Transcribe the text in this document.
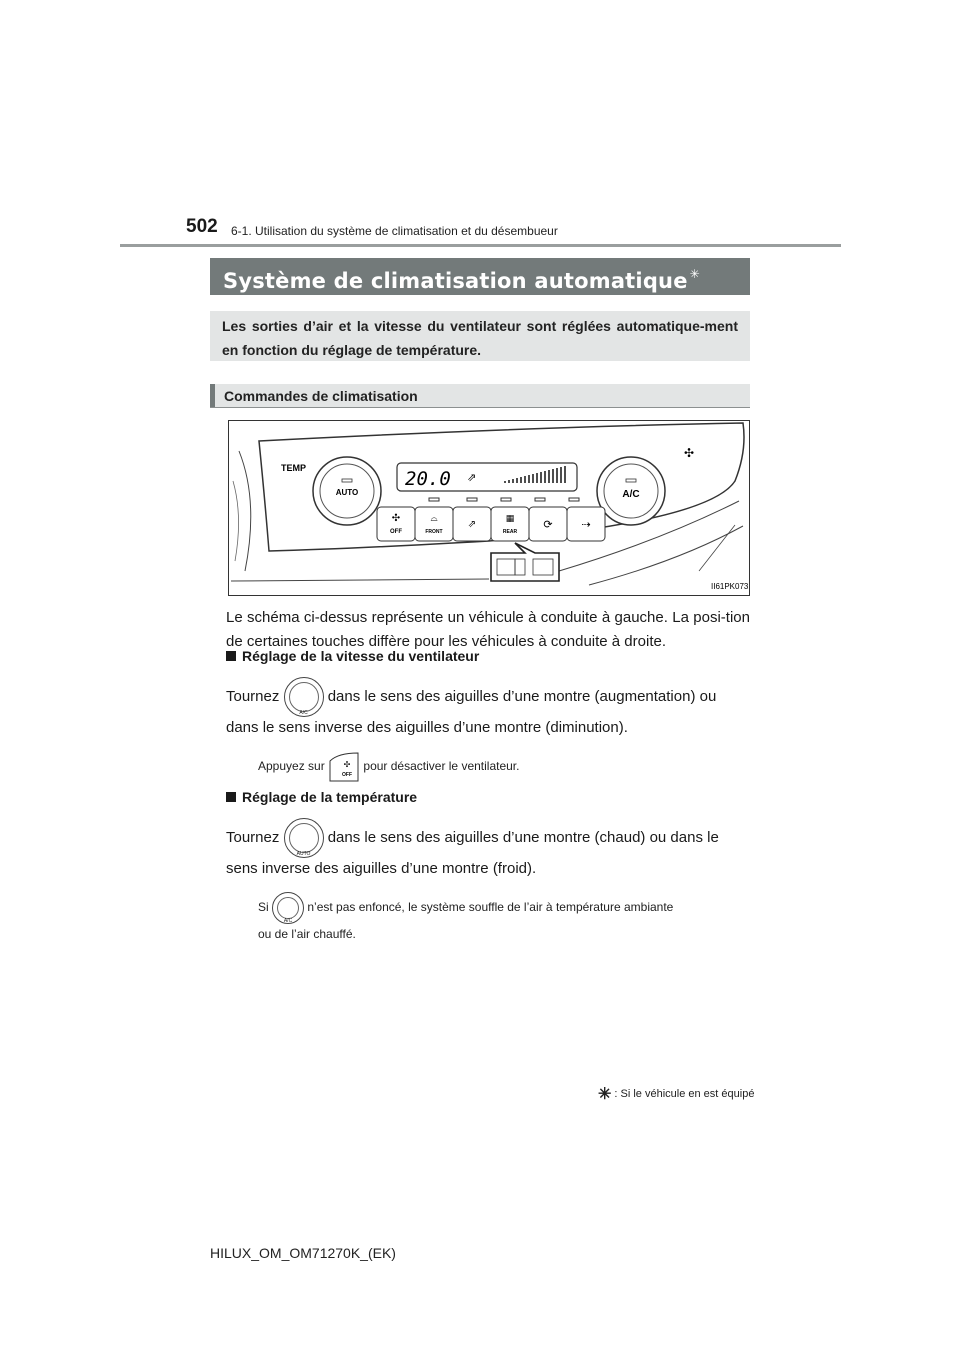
502 6-1. Utilisation du système de climatisation et du désembueur
Système de climatisation automatique ✳
Les sorties d’air et la vitesse du ventilateur sont réglées automatique-ment en fonction du réglage de température.
Commandes de climatisation
AUTO
TEMP
A/C
✣
20.0 ⇗
✣
OFF
⌓
FRONT
⇗	▦
REAR
⟳	⇢
II61PK073
Le schéma ci-dessus représente un véhicule à conduite à gauche. La posi-tion de certaines touches diffère pour les véhicules à conduite à droite.
Réglage de la vitesse du ventilateur
Tournez
A/C
dans le sens des aiguilles d’une montre (augmentation) ou
dans le sens inverse des aiguilles d’une montre (diminution).
Appuyez sur ✣
OFF
pour désactiver le ventilateur.
Réglage de la température
Tournez
AUTO
dans le sens des aiguilles d’une montre (chaud) ou dans le
sens inverse des aiguilles d’une montre (froid).
Si
A/C
n’est pas enfoncé, le système souffle de l’air à température ambiante
ou de l’air chauffé.
✳ : Si le véhicule en est équipé
HILUX_OM_OM71270K_(EK)
